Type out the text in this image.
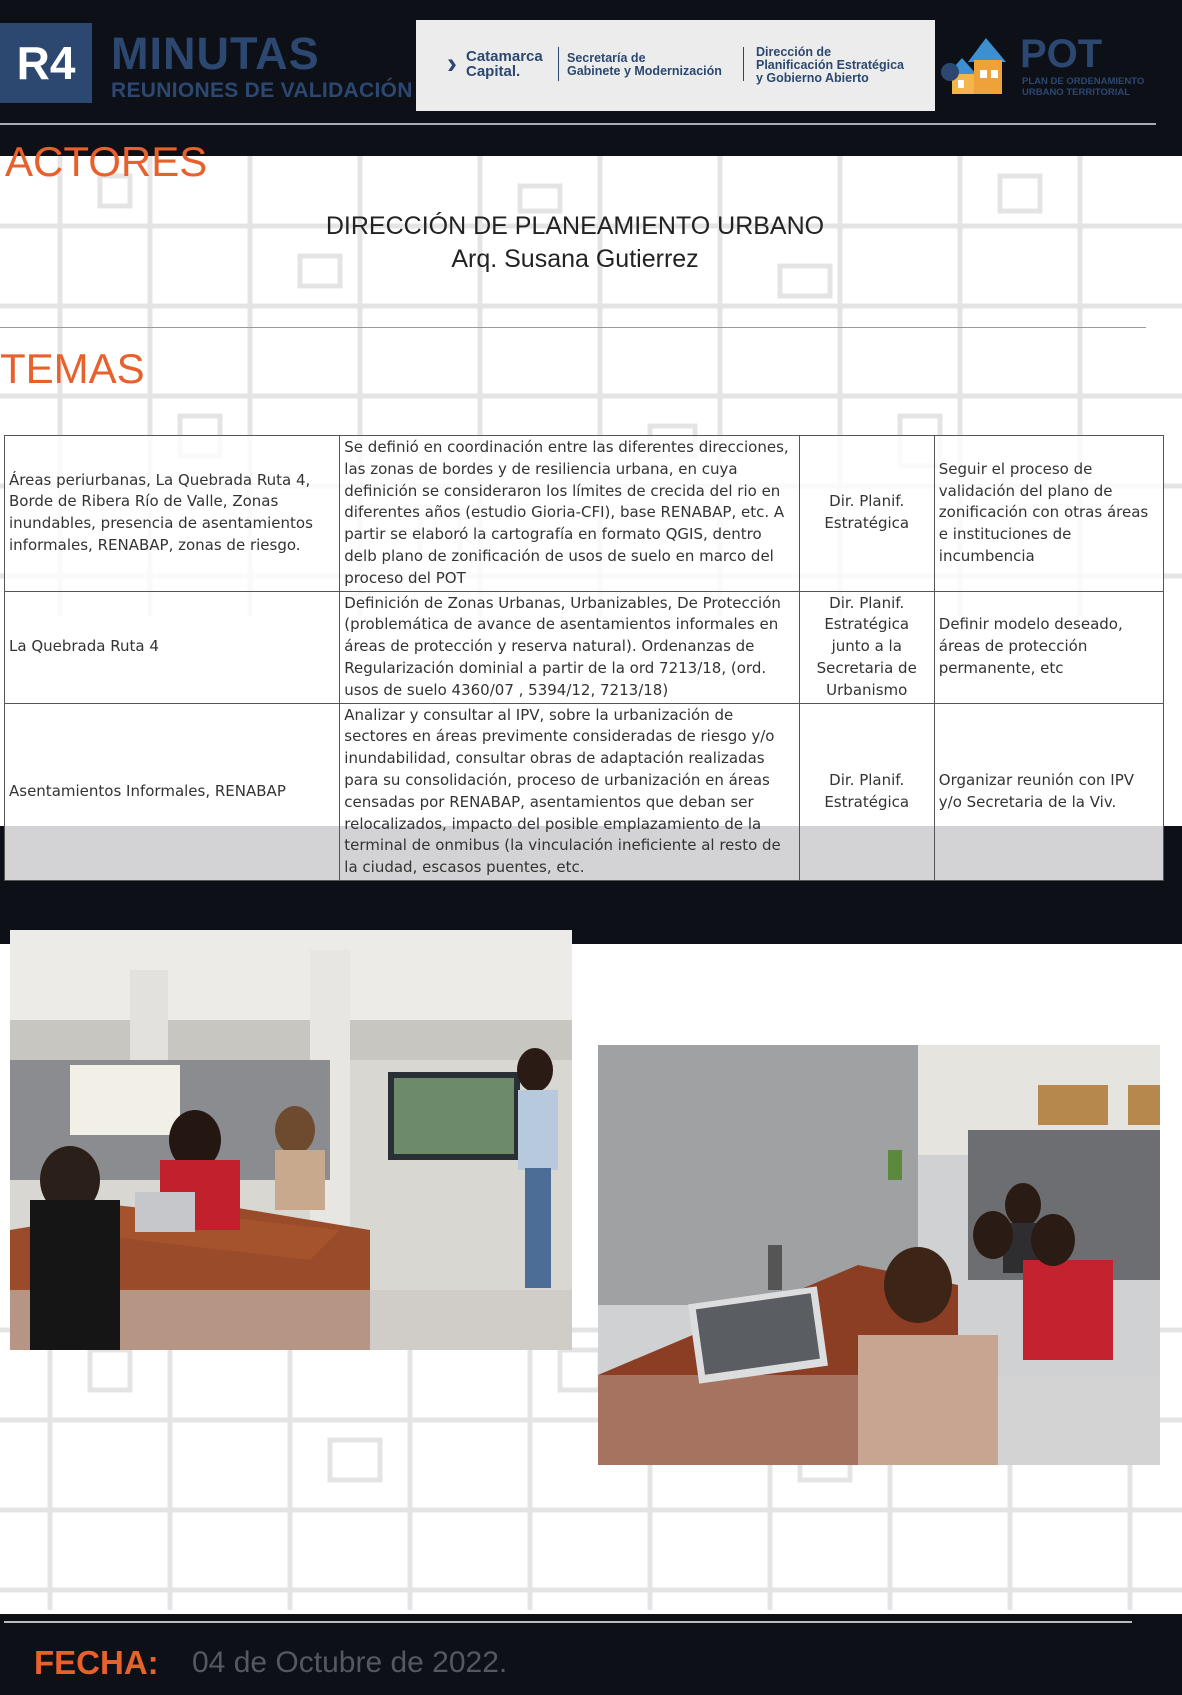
R4 MINUTAS
REUNIONES DE VALIDACIÓN
› Catamarca
Capital.
Secretaría de
Gabinete y Modernización
Dirección de
Planificación Estratégica
y Gobierno Abierto
POT
PLAN DE ORDENAMIENTO
URBANO TERRITORIAL
ACTORES
DIRECCIÓN DE PLANEAMIENTO URBANO
Arq. Susana Gutierrez
TEMAS
Áreas periurbanas, La Quebrada Ruta 4, Borde de Ribera Río de Valle, Zonas inundables, presencia de asentamientos informales, RENABAP, zonas de riesgo.	Se definió en coordinación entre las diferentes direcciones, las zonas de bordes y de resiliencia urbana, en cuya definición se consideraron los límites de crecida del rio en diferentes años (estudio Gioria-CFI), base RENABAP, etc. A partir se elaboró la cartografía en formato QGIS, dentro delb plano de zonificación de usos de suelo en marco del proceso del POT	Dir. Planif. Estratégica	Seguir el proceso de validación del plano de zonificación con otras áreas e instituciones de incumbencia
La Quebrada Ruta 4	Definición de Zonas Urbanas, Urbanizables, De Protección (problemática de avance de asentamientos informales en áreas de protección y reserva natural). Ordenanzas de Regularización dominial a partir de la ord 7213/18, (ord. usos de suelo 4360/07 , 5394/12, 7213/18)	Dir. Planif. Estratégica junto a la Secretaria de Urbanismo	Definir modelo deseado, áreas de protección permanente, etc
Asentamientos Informales, RENABAP	Analizar y consultar al IPV, sobre la urbanización de sectores en áreas previmente consideradas de riesgo y/o inundabilidad, consultar obras de adaptación realizadas para su consolidación, proceso de urbanización en áreas censadas por RENABAP, asentamientos que deban ser relocalizados, impacto del posible emplazamiento de la terminal de onmibus (la vinculación ineficiente al resto de la ciudad, escasos puentes, etc.	Dir. Planif. Estratégica	Organizar reunión con IPV y/o Secretaria de la Viv.
FECHA: 04 de Octubre de 2022.
